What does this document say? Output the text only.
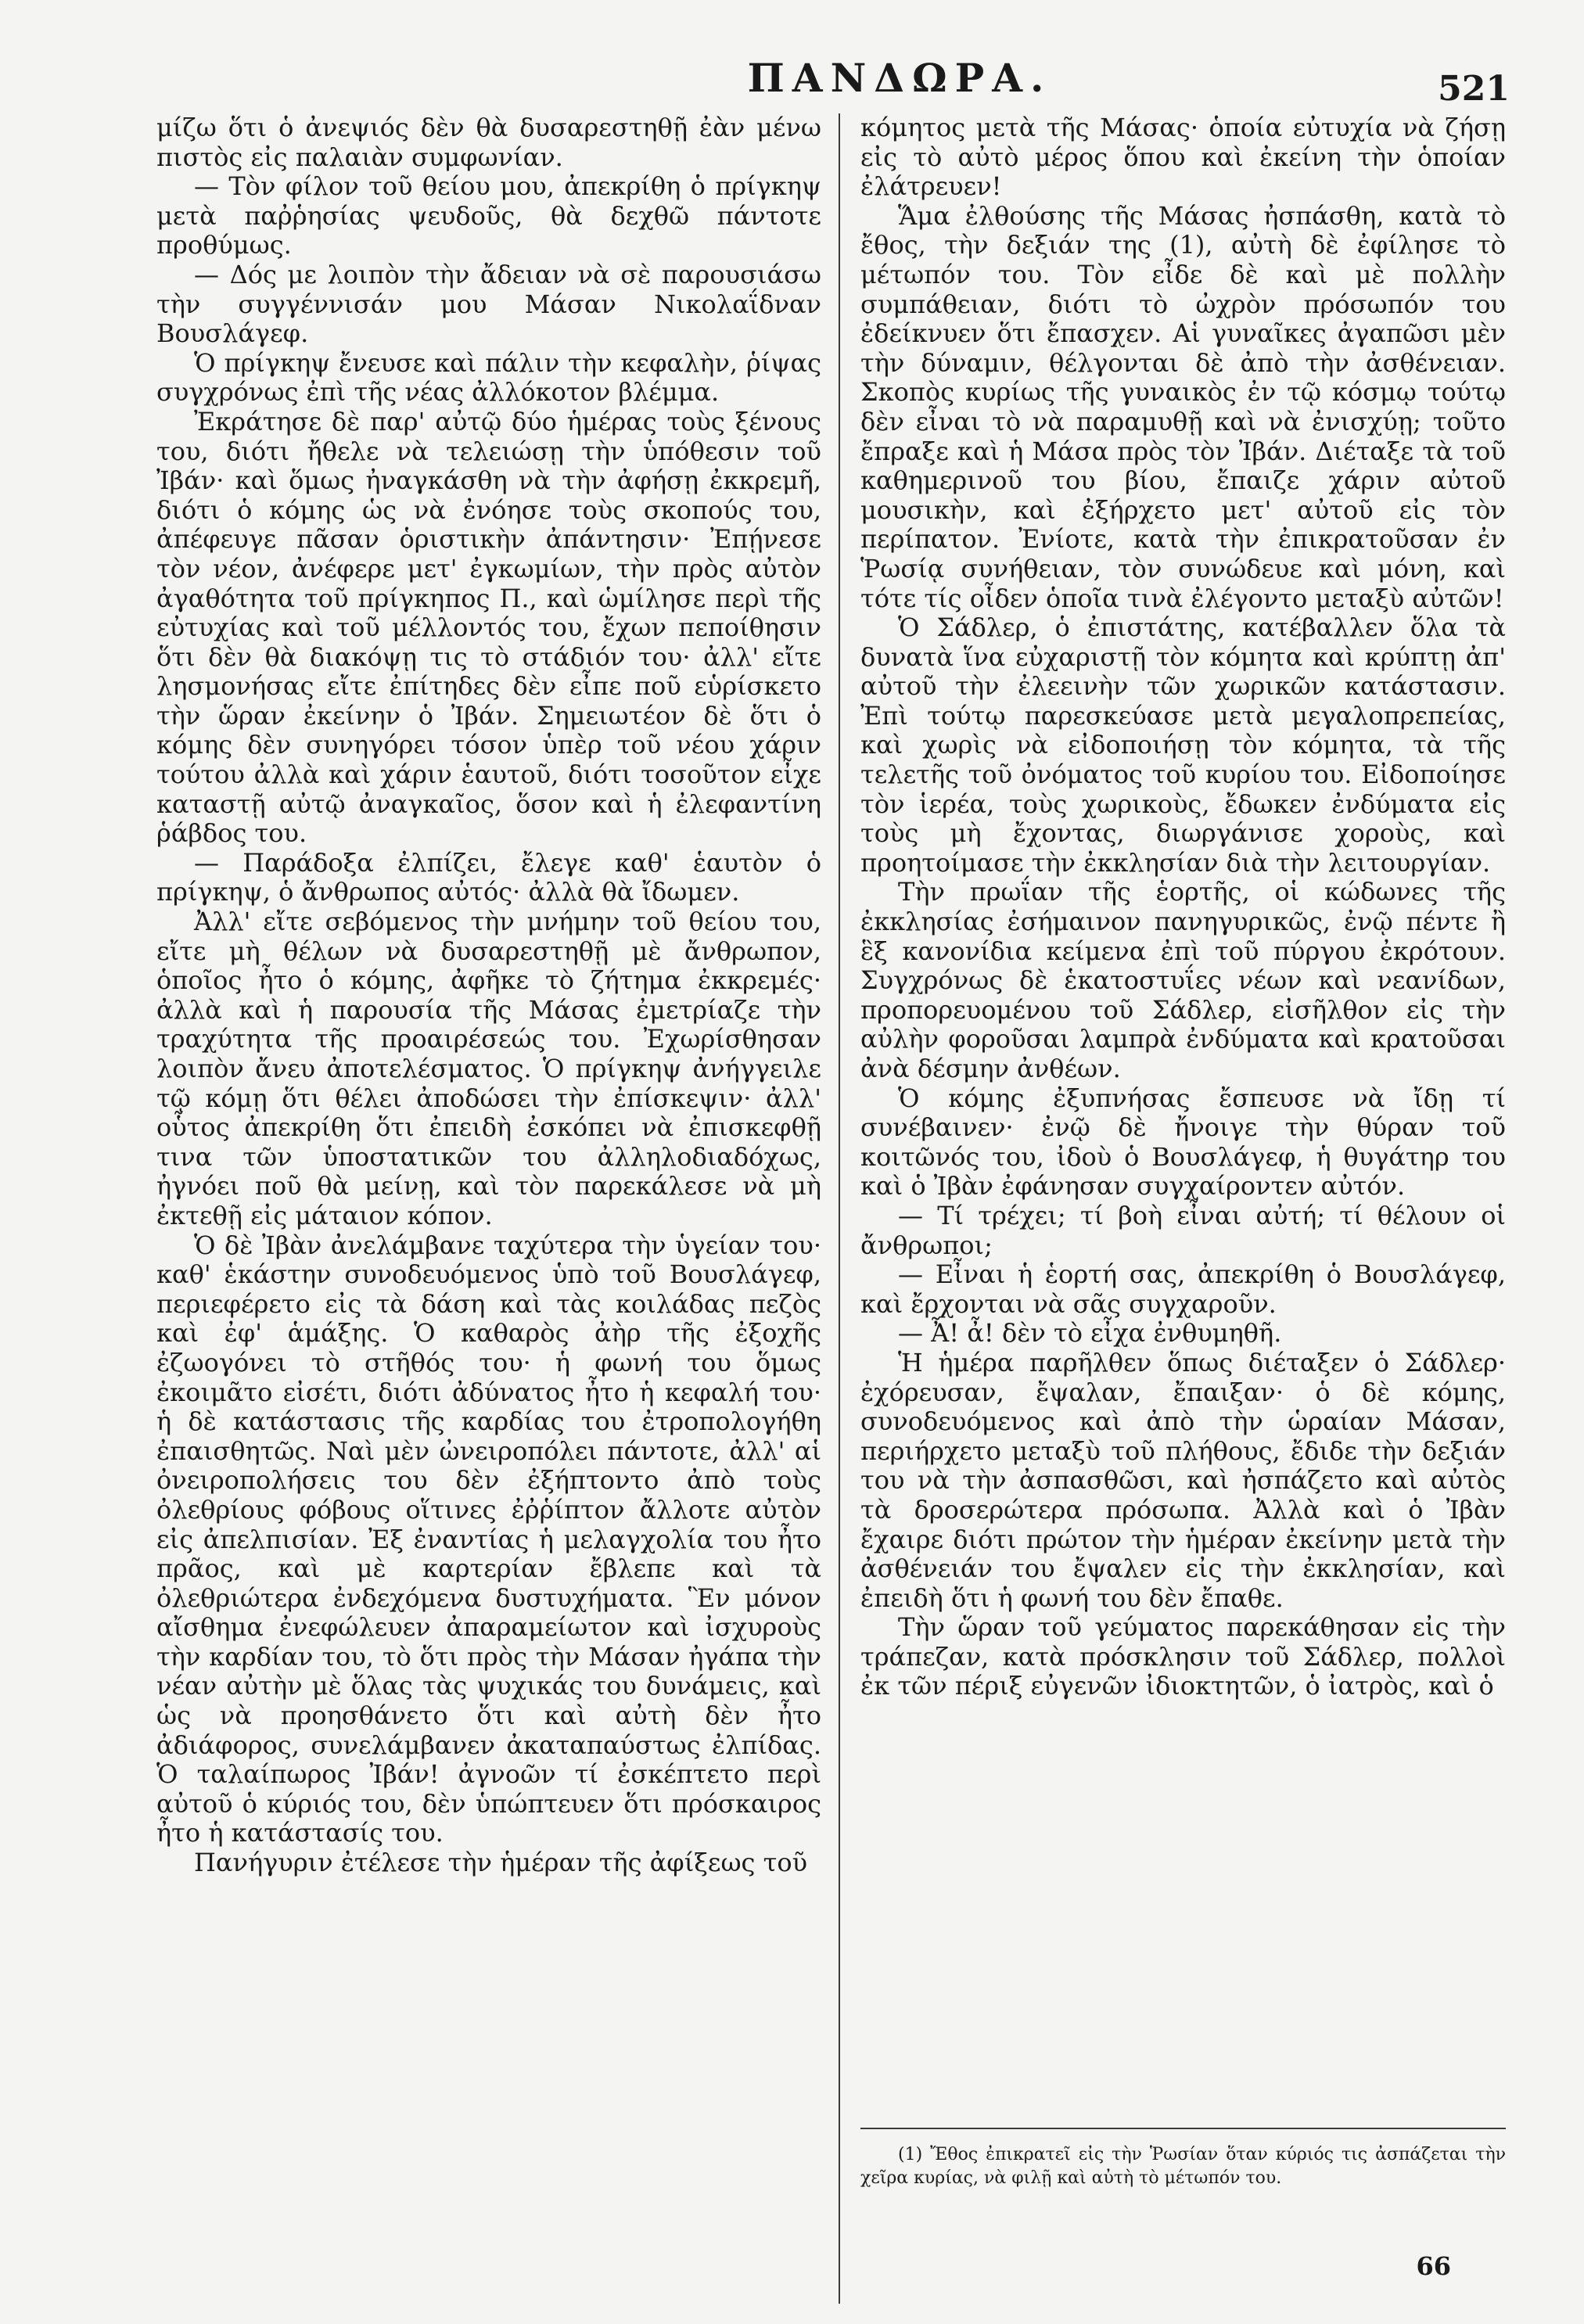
ΠΑΝΔΩΡΑ.	521

μίζω ὅτι ὁ ἀνεψιός δὲν θὰ δυσαρεστηθῇ ἐὰν μένω πιστὸς εἰς παλαιὰν συμφωνίαν.

— Τὸν φίλον τοῦ θείου μου, ἀπεκρίθη ὁ πρίγκηψ μετὰ παῤῥησίας ψευδοῦς, θὰ δεχθῶ πάντοτε προθύμως.

— Δός με λοιπὸν τὴν ἄδειαν νὰ σὲ παρουσιάσω τὴν συγγέννισάν μου Μάσαν Νικολαΐδναν Βουσλάγεφ.

Ὁ πρίγκηψ ἔνευσε καὶ πάλιν τὴν κεφαλὴν, ῥίψας συγχρόνως ἐπὶ τῆς νέας ἀλλόκοτον βλέμμα.

Ἐκράτησε δὲ παρ' αὐτῷ δύο ἡμέρας τοὺς ξένους του, διότι ἤθελε νὰ τελειώσῃ τὴν ὑπόθεσιν τοῦ Ἰβάν· καὶ ὅμως ἠναγκάσθη νὰ τὴν ἀφήσῃ ἐκκρεμῆ, διότι ὁ κόμης ὡς νὰ ἐνόησε τοὺς σκοπούς του, ἀπέφευγε πᾶσαν ὁριστικὴν ἀπάντησιν· Ἐπῄνεσε τὸν νέον, ἀνέφερε μετ' ἐγκωμίων, τὴν πρὸς αὐτὸν ἀγαθότητα τοῦ πρίγκηπος Π., καὶ ὡμίλησε περὶ τῆς εὐτυχίας καὶ τοῦ μέλλοντός του, ἔχων πεποίθησιν ὅτι δὲν θὰ διακόψῃ τις τὸ στάδιόν του· ἀλλ' εἴτε λησμονήσας εἴτε ἐπίτηδες δὲν εἶπε ποῦ εὑρίσκετο τὴν ὥραν ἐκείνην ὁ Ἰβάν. Σημειωτέον δὲ ὅτι ὁ κόμης δὲν συνηγόρει τόσον ὑπὲρ τοῦ νέου χάριν τούτου ἀλλὰ καὶ χάριν ἑαυτοῦ, διότι τοσοῦτον εἶχε καταστῇ αὐτῷ ἀναγκαῖος, ὅσον καὶ ἡ ἐλεφαντίνη ῥάβδος του.

— Παράδοξα ἐλπίζει, ἔλεγε καθ' ἑαυτὸν ὁ πρίγκηψ, ὁ ἄνθρωπος αὐτός· ἀλλὰ θὰ ἴδωμεν.

Ἀλλ' εἴτε σεβόμενος τὴν μνήμην τοῦ θείου του, εἴτε μὴ θέλων νὰ δυσαρεστηθῇ μὲ ἄνθρωπον, ὁποῖος ἦτο ὁ κόμης, ἀφῆκε τὸ ζήτημα ἐκκρεμές· ἀλλὰ καὶ ἡ παρουσία τῆς Μάσας ἐμετρίαζε τὴν τραχύτητα τῆς προαιρέσεώς του. Ἐχωρίσθησαν λοιπὸν ἄνευ ἀποτελέσματος. Ὁ πρίγκηψ ἀνήγγειλε τῷ κόμῃ ὅτι θέλει ἀποδώσει τὴν ἐπίσκεψιν· ἀλλ' οὗτος ἀπεκρίθη ὅτι ἐπειδὴ ἐσκόπει νὰ ἐπισκεφθῇ τινα τῶν ὑποστατικῶν του ἀλληλοδιαδόχως, ἠγνόει ποῦ θὰ μείνῃ, καὶ τὸν παρεκάλεσε νὰ μὴ ἐκτεθῇ εἰς μάταιον κόπον.

Ὁ δὲ Ἰβὰν ἀνελάμβανε ταχύτερα τὴν ὑγείαν του· καθ' ἑκάστην συνοδευόμενος ὑπὸ τοῦ Βουσλάγεφ, περιεφέρετο εἰς τὰ δάση καὶ τὰς κοιλάδας πεζὸς καὶ ἐφ' ἁμάξης. Ὁ καθαρὸς ἀὴρ τῆς ἐξοχῆς ἐζωογόνει τὸ στῆθός του· ἡ φωνή του ὅμως ἐκοιμᾶτο εἰσέτι, διότι ἀδύνατος ἦτο ἡ κεφαλή του· ἡ δὲ κατάστασις τῆς καρδίας του ἐτροπολογήθη ἐπαισθητῶς. Ναὶ μὲν ὠνειροπόλει πάντοτε, ἀλλ' αἱ ὀνειροπολήσεις του δὲν ἐξήπτοντο ἀπὸ τοὺς ὀλεθρίους φόβους οἵτινες ἐῤῥίπτον ἄλλοτε αὐτὸν εἰς ἀπελπισίαν. Ἐξ ἐναντίας ἡ μελαγχολία του ἦτο πρᾶος, καὶ μὲ καρτερίαν ἔβλεπε καὶ τὰ ὀλεθριώτερα ἐνδεχόμενα δυστυχήματα. Ἓν μόνον αἴσθημα ἐνεφώλευεν ἀπαραμείωτον καὶ ἰσχυροὺς τὴν καρδίαν του, τὸ ὅτι πρὸς τὴν Μάσαν ἠγάπα τὴν νέαν αὐτὴν μὲ ὅλας τὰς ψυχικάς του δυνάμεις, καὶ ὡς νὰ προησθάνετο ὅτι καὶ αὐτὴ δὲν ἦτο ἀδιάφορος, συνελάμβανεν ἀκαταπαύστως ἐλπίδας. Ὁ ταλαίπωρος Ἰβάν! ἀγνοῶν τί ἐσκέπτετο περὶ αὐτοῦ ὁ κύριός του, δὲν ὑπώπτευεν ὅτι πρόσκαιρος ἦτο ἡ κατάστασίς του.

Πανήγυριν ἐτέλεσε τὴν ἡμέραν τῆς ἀφίξεως τοῦ

κόμητος μετὰ τῆς Μάσας· ὁποία εὐτυχία νὰ ζήσῃ εἰς τὸ αὐτὸ μέρος ὅπου καὶ ἐκείνη τὴν ὁποίαν ἐλάτρευεν!

Ἅμα ἐλθούσης τῆς Μάσας ἠσπάσθη, κατὰ τὸ ἔθος, τὴν δεξιάν της (1), αὐτὴ δὲ ἐφίλησε τὸ μέτωπόν του. Τὸν εἶδε δὲ καὶ μὲ πολλὴν συμπάθειαν, διότι τὸ ὠχρὸν πρόσωπόν του ἐδείκνυεν ὅτι ἔπασχεν. Αἱ γυναῖκες ἀγαπῶσι μὲν τὴν δύναμιν, θέλγονται δὲ ἀπὸ τὴν ἀσθένειαν. Σκοπὸς κυρίως τῆς γυναικὸς ἐν τῷ κόσμῳ τούτῳ δὲν εἶναι τὸ νὰ παραμυθῇ καὶ νὰ ἐνισχύῃ; τοῦτο ἔπραξε καὶ ἡ Μάσα πρὸς τὸν Ἰβάν. Διέταξε τὰ τοῦ καθημερινοῦ του βίου, ἔπαιζε χάριν αὐτοῦ μουσικὴν, καὶ ἐξήρχετο μετ' αὐτοῦ εἰς τὸν περίπατον. Ἐνίοτε, κατὰ τὴν ἐπικρατοῦσαν ἐν Ῥωσίᾳ συνήθειαν, τὸν συνώδευε καὶ μόνη, καὶ τότε τίς οἶδεν ὁποῖα τινὰ ἐλέγοντο μεταξὺ αὐτῶν!

Ὁ Σάδλερ, ὁ ἐπιστάτης, κατέβαλλεν ὅλα τὰ δυνατὰ ἵνα εὐχαριστῇ τὸν κόμητα καὶ κρύπτῃ ἀπ' αὐτοῦ τὴν ἐλεεινὴν τῶν χωρικῶν κατάστασιν. Ἐπὶ τούτῳ παρεσκεύασε μετὰ μεγαλοπρεπείας, καὶ χωρὶς νὰ εἰδοποιήσῃ τὸν κόμητα, τὰ τῆς τελετῆς τοῦ ὀνόματος τοῦ κυρίου του. Εἰδοποίησε τὸν ἱερέα, τοὺς χωρικοὺς, ἔδωκεν ἐνδύματα εἰς τοὺς μὴ ἔχοντας, διωργάνισε χοροὺς, καὶ προητοίμασε τὴν ἐκκλησίαν διὰ τὴν λειτουργίαν.

Τὴν πρωΐαν τῆς ἑορτῆς, οἱ κώδωνες τῆς ἐκκλησίας ἐσήμαινον πανηγυρικῶς, ἐνῷ πέντε ἢ ἓξ κανονίδια κείμενα ἐπὶ τοῦ πύργου ἐκρότουν. Συγχρόνως δὲ ἑκατοστυΐες νέων καὶ νεανίδων, προπορευομένου τοῦ Σάδλερ, εἰσῆλθον εἰς τὴν αὐλὴν φοροῦσαι λαμπρὰ ἐνδύματα καὶ κρατοῦσαι ἀνὰ δέσμην ἀνθέων.

Ὁ κόμης ἐξυπνήσας ἔσπευσε νὰ ἴδῃ τί συνέβαινεν· ἐνῷ δὲ ἤνοιγε τὴν θύραν τοῦ κοιτῶνός του, ἰδοὺ ὁ Βουσλάγεφ, ἡ θυγάτηρ του καὶ ὁ Ἰβὰν ἐφάνησαν συγχαίροντεν αὐτόν.

— Τί τρέχει; τί βοὴ εἶναι αὐτή; τί θέλουν οἱ ἄνθρωποι;

— Εἶναι ἡ ἑορτή σας, ἀπεκρίθη ὁ Βουσλάγεφ, καὶ ἔρχονται νὰ σᾶς συγχαροῦν.

— Ἆ! ἆ! δὲν τὸ εἶχα ἐνθυμηθῆ.

Ἡ ἡμέρα παρῆλθεν ὅπως διέταξεν ὁ Σάδλερ· ἐχόρευσαν, ἔψαλαν, ἔπαιξαν· ὁ δὲ κόμης, συνοδευόμενος καὶ ἀπὸ τὴν ὡραίαν Μάσαν, περιήρχετο μεταξὺ τοῦ πλήθους, ἔδιδε τὴν δεξιάν του νὰ τὴν ἀσπασθῶσι, καὶ ἠσπάζετο καὶ αὐτὸς τὰ δροσερώτερα πρόσωπα. Ἀλλὰ καὶ ὁ Ἰβὰν ἔχαιρε διότι πρώτον τὴν ἡμέραν ἐκείνην μετὰ τὴν ἀσθένειάν του ἔψαλεν εἰς τὴν ἐκκλησίαν, καὶ ἐπειδὴ ὅτι ἡ φωνή του δὲν ἔπαθε.

Τὴν ὥραν τοῦ γεύματος παρεκάθησαν εἰς τὴν τράπεζαν, κατὰ πρόσκλησιν τοῦ Σάδλερ, πολλοὶ ἐκ τῶν πέριξ εὐγενῶν ἰδιοκτητῶν, ὁ ἰατρὸς, καὶ ὁ

(1) Ἔθος ἐπικρατεῖ εἰς τὴν Ῥωσίαν ὅταν κύριός τις ἀσπάζεται τὴν χεῖρα κυρίας, νὰ φιλῇ καὶ αὐτὴ τὸ μέτωπόν του.
66
